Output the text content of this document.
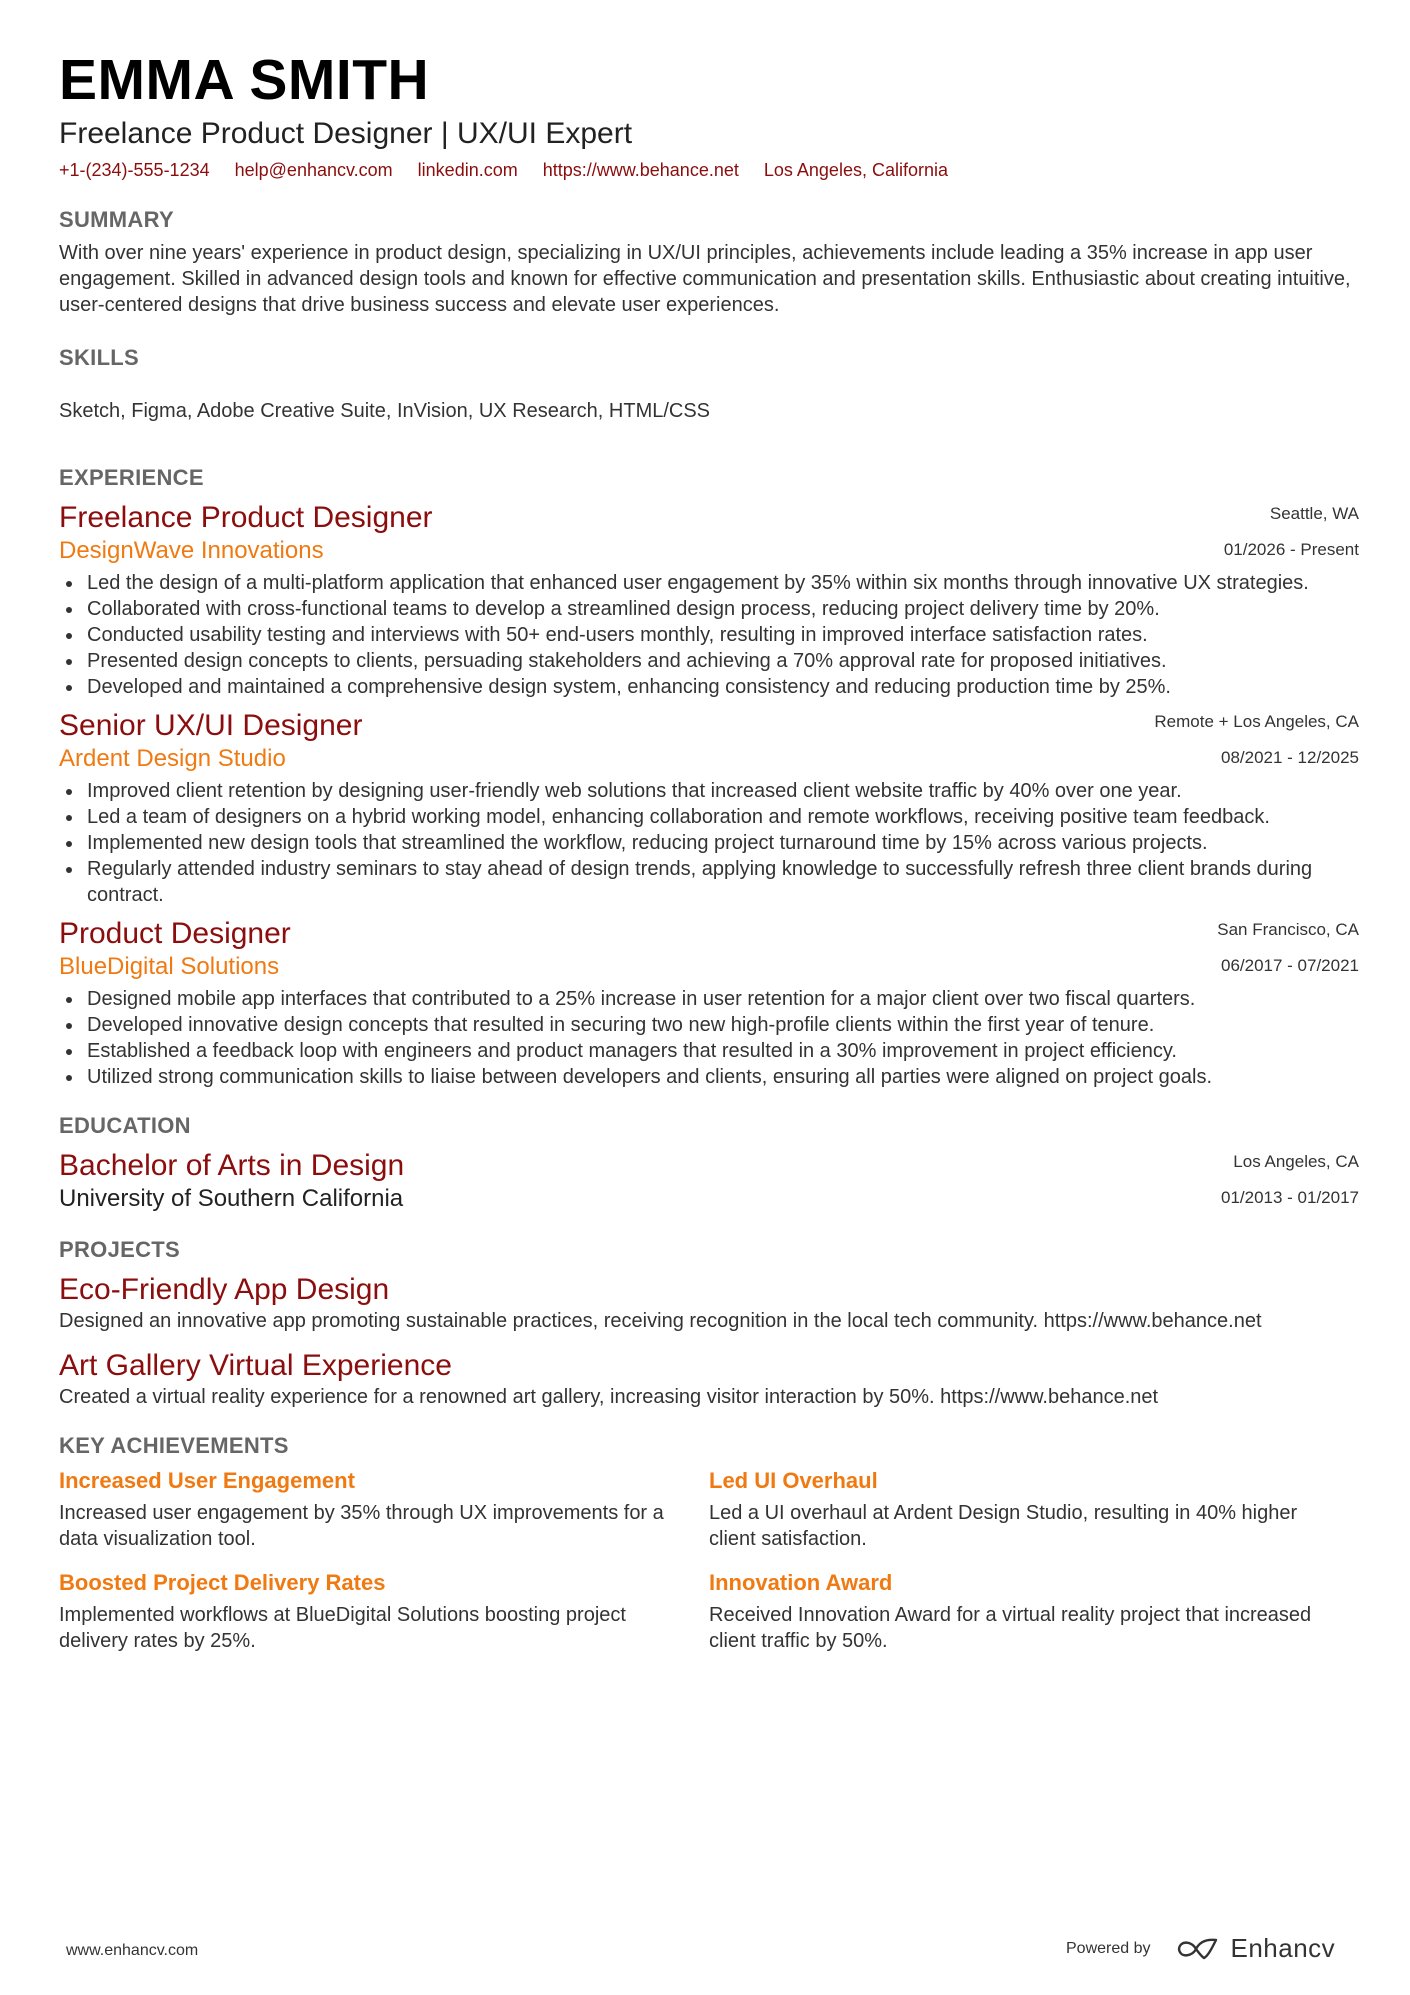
EMMA SMITH
Freelance Product Designer | UX/UI Expert
+1-(234)-555-1234 help@enhancv.com linkedin.com https://www.behance.net Los Angeles, California
SUMMARY
With over nine years' experience in product design, specializing in UX/UI principles, achievements include leading a 35% increase in app user engagement. Skilled in advanced design tools and known for effective communication and presentation skills. Enthusiastic about creating intuitive, user-centered designs that drive business success and elevate user experiences.
SKILLS
Sketch, Figma, Adobe Creative Suite, InVision, UX Research, HTML/CSS
EXPERIENCE
Freelance Product Designer
DesignWave Innovations
Seattle, WA
01/2026 - Present
Led the design of a multi-platform application that enhanced user engagement by 35% within six months through innovative UX strategies.
Collaborated with cross-functional teams to develop a streamlined design process, reducing project delivery time by 20%.
Conducted usability testing and interviews with 50+ end-users monthly, resulting in improved interface satisfaction rates.
Presented design concepts to clients, persuading stakeholders and achieving a 70% approval rate for proposed initiatives.
Developed and maintained a comprehensive design system, enhancing consistency and reducing production time by 25%.
Senior UX/UI Designer
Ardent Design Studio
Remote + Los Angeles, CA
08/2021 - 12/2025
Improved client retention by designing user-friendly web solutions that increased client website traffic by 40% over one year.
Led a team of designers on a hybrid working model, enhancing collaboration and remote workflows, receiving positive team feedback.
Implemented new design tools that streamlined the workflow, reducing project turnaround time by 15% across various projects.
Regularly attended industry seminars to stay ahead of design trends, applying knowledge to successfully refresh three client brands during contract.
Product Designer
BlueDigital Solutions
San Francisco, CA
06/2017 - 07/2021
Designed mobile app interfaces that contributed to a 25% increase in user retention for a major client over two fiscal quarters.
Developed innovative design concepts that resulted in securing two new high-profile clients within the first year of tenure.
Established a feedback loop with engineers and product managers that resulted in a 30% improvement in project efficiency.
Utilized strong communication skills to liaise between developers and clients, ensuring all parties were aligned on project goals.
EDUCATION
Bachelor of Arts in Design
University of Southern California
Los Angeles, CA
01/2013 - 01/2017
PROJECTS
Eco-Friendly App Design
Designed an innovative app promoting sustainable practices, receiving recognition in the local tech community. https://www.behance.net
Art Gallery Virtual Experience
Created a virtual reality experience for a renowned art gallery, increasing visitor interaction by 50%. https://www.behance.net
KEY ACHIEVEMENTS
Increased User Engagement
Increased user engagement by 35% through UX improvements for a data visualization tool.
Led UI Overhaul
Led a UI overhaul at Ardent Design Studio, resulting in 40% higher client satisfaction.
Boosted Project Delivery Rates
Implemented workflows at BlueDigital Solutions boosting project delivery rates by 25%.
Innovation Award
Received Innovation Award for a virtual reality project that increased client traffic by 50%.
www.enhancv.com	Powered by	Enhancv
